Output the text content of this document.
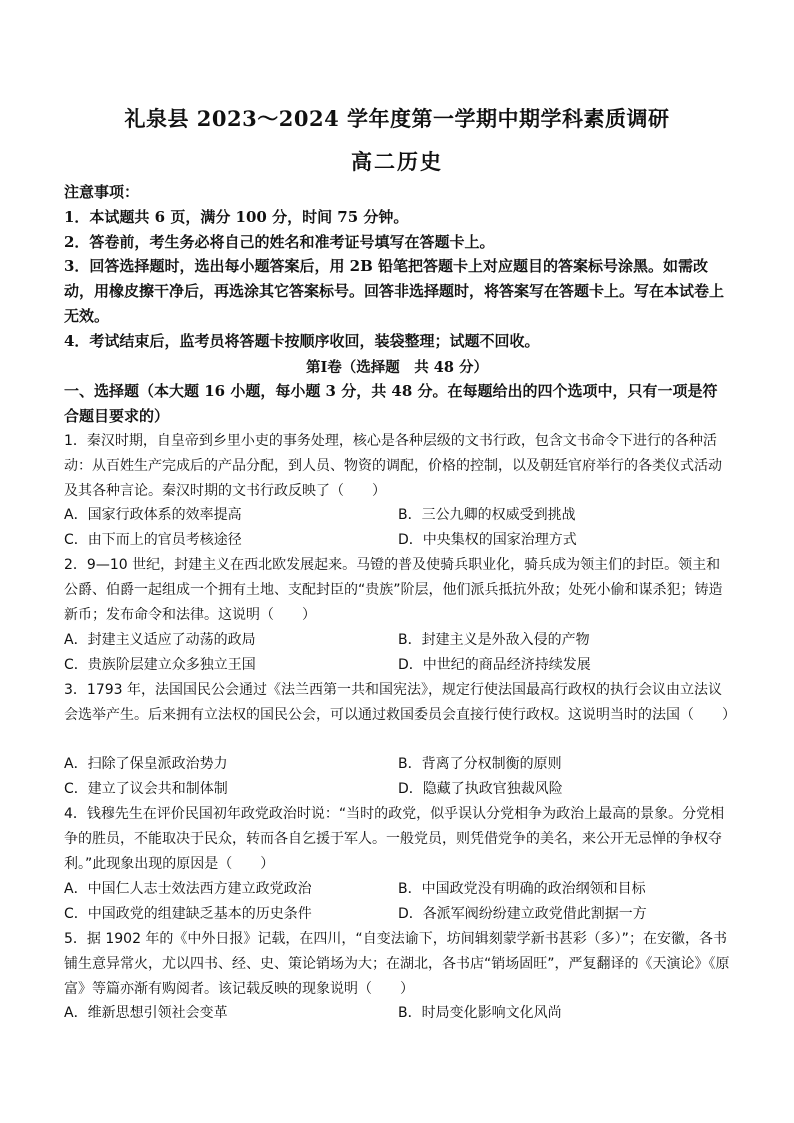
礼泉县 2023～2024 学年度第一学期中期学科素质调研
高二历史

注意事项：

1．本试题共 6 页，满分 100 分，时间 75 分钟。

2．答卷前，考生务必将自己的姓名和准考证号填写在答题卡上。

3．回答选择题时，选出每小题答案后，用 2B 铅笔把答题卡上对应题目的答案标号涂黑。如需改动，用橡皮擦干净后，再选涂其它答案标号。回答非选择题时，将答案写在答题卡上。写在本试卷上无效。

4．考试结束后，监考员将答题卡按顺序收回，装袋整理；试题不回收。

第Ⅰ卷（选择题　共 48 分）

一、选择题（本大题 16 小题，每小题 3 分，共 48 分。在每题给出的四个选项中，只有一项是符合题目要求的）

1．秦汉时期，自皇帝到乡里小吏的事务处理，核心是各种层级的文书行政，包含文书命令下进行的各种活动：从百姓生产完成后的产品分配，到人员、物资的调配，价格的控制，以及朝廷官府举行的各类仪式活动及其各种言论。秦汉时期的文书行政反映了（　　）

A．国家行政体系的效率提高	B．三公九卿的权威受到挑战
C．由下而上的官员考核途径	D．中央集权的国家治理方式

2．9—10 世纪，封建主义在西北欧发展起来。马镫的普及使骑兵职业化，骑兵成为领主们的封臣。领主和公爵、伯爵一起组成一个拥有土地、支配封臣的“贵族”阶层，他们派兵抵抗外敌；处死小偷和谋杀犯；铸造新币；发布命令和法律。这说明（　　）

A．封建主义适应了动荡的政局	B．封建主义是外敌入侵的产物
C．贵族阶层建立众多独立王国	D．中世纪的商品经济持续发展

3．1793 年，法国国民公会通过《法兰西第一共和国宪法》，规定行使法国最高行政权的执行会议由立法议会选举产生。后来拥有立法权的国民公会，可以通过救国委员会直接行使行政权。这说明当时的法国（　　）

A．扫除了保皇派政治势力	B．背离了分权制衡的原则
C．建立了议会共和制体制	D．隐藏了执政官独裁风险

4．钱穆先生在评价民国初年政党政治时说：“当时的政党，似乎误认分党相争为政治上最高的景象。分党相争的胜员，不能取决于民众，转而各自乞援于军人。一般党员，则凭借党争的美名，来公开无忌惮的争权夺利。”此现象出现的原因是（　　）

A．中国仁人志士效法西方建立政党政治	B．中国政党没有明确的政治纲领和目标
C．中国政党的组建缺乏基本的历史条件	D．各派军阀纷纷建立政党借此割据一方

5．据 1902 年的《中外日报》记载，在四川，“自变法谕下，坊间辑刻蒙学新书甚彩（多）”；在安徽，各书铺生意异常火，尤以四书、经、史、策论销场为大；在湖北，各书店“销场固旺”，严复翻译的《天演论》《原富》等篇亦渐有购阅者。该记载反映的现象说明（　　）

A．维新思想引领社会变革	B．时局变化影响文化风尚
